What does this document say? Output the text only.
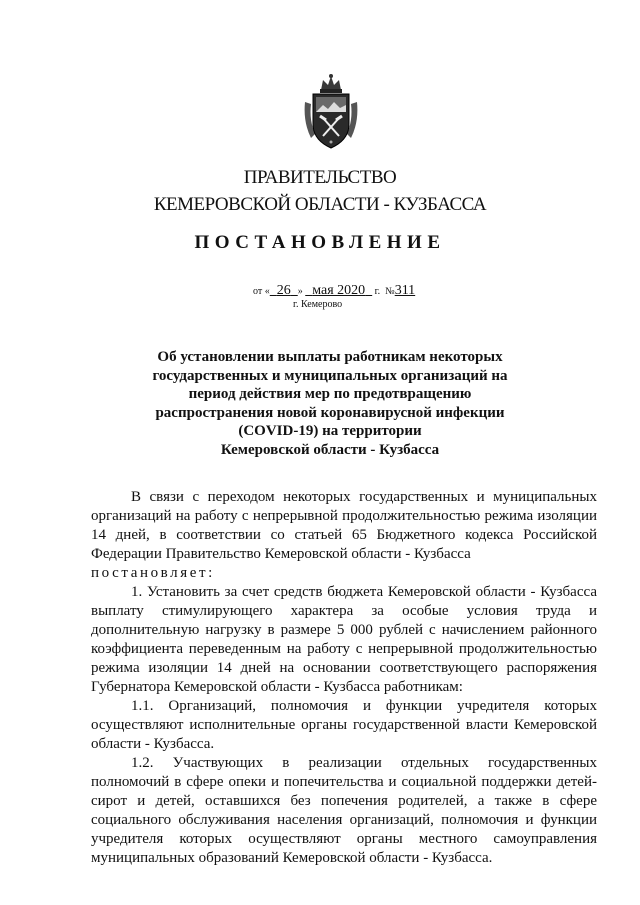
ПРАВИТЕЛЬСТВО
КЕМЕРОВСКОЙ ОБЛАСТИ - КУЗБАССА
ПОСТАНОВЛЕНИЕ
от « 26 » мая 2020 г. №311
г. Кемерово
Об установлении выплаты работникам некоторых
государственных и муниципальных организаций на
период действия мер по предотвращению
распространения новой коронавирусной инфекции
(COVID-19) на территории
Кемеровской области - Кузбасса

В связи с переходом некоторых государственных и муниципальных организаций на работу с непрерывной продолжительностью режима изоляции 14 дней, в соответствии со статьей 65 Бюджетного кодекса Российской Федерации Правительство Кемеровской области - Кузбасса

постановляет:

1. Установить за счет средств бюджета Кемеровской области - Кузбасса выплату стимулирующего характера за особые условия труда и дополнительную нагрузку в размере 5 000 рублей с начислением районного коэффициента переведенным на работу с непрерывной продолжительностью режима изоляции 14 дней на основании соответствующего распоряжения Губернатора Кемеровской области - Кузбасса работникам:

1.1. Организаций, полномочия и функции учредителя которых осуществляют исполнительные органы государственной власти Кемеровской области - Кузбасса.

1.2. Участвующих в реализации отдельных государственных полномочий в сфере опеки и попечительства и социальной поддержки детей-сирот и детей, оставшихся без попечения родителей, а также в сфере социального обслуживания населения организаций, полномочия и функции учредителя которых осуществляют органы местного самоуправления муниципальных образований Кемеровской области - Кузбасса.
